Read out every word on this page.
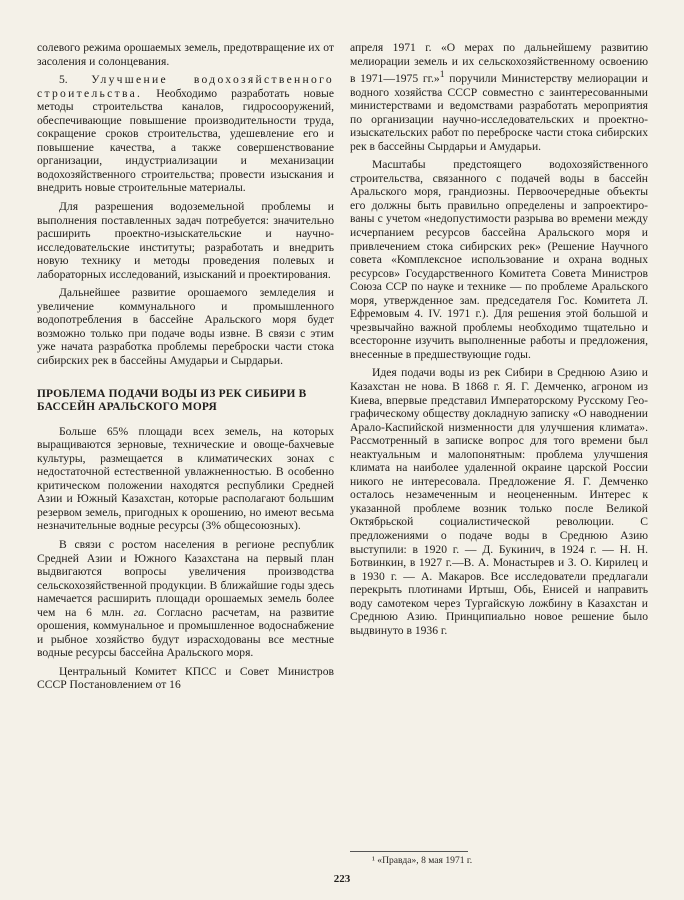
солевого режима орошаемых земель, предотвращение их от засоления и солонцевания.

5. Улучшение водохозяйственного строительства. Необходимо разработать новые методы строительства каналов, гидросооружений, обеспечивающие повышение производительности труда, сокращение сроков строительства, удешевление его и повышение качества, а также совершенствование организации, индустриализации и механизации водохозяйственного строительства; провести изыскания и внедрить новые строительные материалы.

Для разрешения водоземельной проблемы и выполнения поставленных задач потребуется: значительно расширить проектно-изыскательские и научно-исследовательские институты; разработать и внедрить новую технику и методы проведения полевых и лабораторных исследований, изысканий и проектирования.

Дальнейшее развитие орошаемого земледелия и увеличение коммунального и промышленного водопотребления в бассейне Аральского моря будет возможно только при подаче воды извне. В связи с этим уже начата разработка проблемы переброски части стока сибирских рек в бассейны Амударьи и Сырдарьи.

ПРОБЛЕМА ПОДАЧИ ВОДЫ ИЗ РЕК СИБИРИ В БАССЕЙН АРАЛЬСКОГО МОРЯ

Больше 65% площади всех земель, на которых выращиваются зерновые, технические и овоще-бахчевые культуры, размещается в климатических зонах с недостаточной естественной увлажненностью. В особенно критическом положении находятся республики Средней Азии и Южный Казахстан, которые располагают большим резервом земель, пригодных к орошению, но имеют весьма незначительные водные ресурсы (3% общесоюзных).

В связи с ростом населения в регионе республик Средней Азии и Южного Казахстана на первый план выдвигаются вопросы увеличения производства сельскохозяйственной продукции. В ближайшие годы здесь намечается расширить площади орошаемых земель более чем на 6 млн. га. Согласно расчетам, на развитие орошения, коммунальное и промышленное водоснабжение и рыбное хозяйство будут израсходованы все местные водные ресурсы бассейна Аральского моря.

Центральный Комитет КПСС и Совет Министров СССР Постановлением от 16

апреля 1971 г. «О мерах по дальнейшему развитию мелиорации земель и их сельскохозяйственному освоению в 1971—1975 гг.»$^1$ поручили Министерству мелиорации и водного хозяйства СССР совместно с заинтересованными министерствами и ведомствами разработать мероприятия по организации научно-исследовательских и проектно-изыскательских работ по переброске части стока сибирских рек в бассейны Сырдарьи и Амударьи.

Масштабы предстоящего водохозяйственного строительства, связанного с подачей воды в бассейн Аральского моря, грандиозны. Первоочередные объекты его должны быть правильно определены и запроектированы с учетом «недопустимости разрыва во времени между исчерпанием ресурсов бассейна Аральского моря и привлечением стока сибирских рек» (Решение Научного совета «Комплексное использование и охрана водных ресурсов» Государственного Комитета Совета Министров Союза ССР по науке и технике — по проблеме Аральского моря, утвержденное зам. председателя Гос. Комитета Л. Ефремовым 4. IV. 1971 г.). Для решения этой большой и чрезвычайно важной проблемы необходимо тщательно и всесторонне изучить выполненные работы и предложения, внесенные в предшествующие годы.

Идея подачи воды из рек Сибири в Среднюю Азию и Казахстан не нова. В 1868 г. Я. Г. Демченко, агроном из Киева, впервые представил Императорскому Русскому Географическому обществу докладную записку «О наводнении Арало-Каспийской низменности для улучшения климата». Рассмотренный в записке вопрос для того времени был неактуальным и малопонятным: проблема улучшения климата на наиболее удаленной окраине царской России никого не интересовала. Предложение Я. Г. Демченко осталось незамеченным и неоцененным. Интерес к указанной проблеме возник только после Великой Октябрьской социалистической революции. С предложениями о подаче воды в Среднюю Азию выступили: в 1920 г. — Д. Букинич, в 1924 г. — Н. Н. Ботвинкин, в 1927 г.—В. А. Монастырев и З. О. Кирилец и в 1930 г. — А. Макаров. Все исследователи предлагали перекрыть плотинами Иртыш, Обь, Енисей и направить воду самотеком через Тургайскую ложбину в Казахстан и Среднюю Азию. Принципиально новое решение было выдвинуто в 1936 г.

¹ «Правда», 8 мая 1971 г.
223
